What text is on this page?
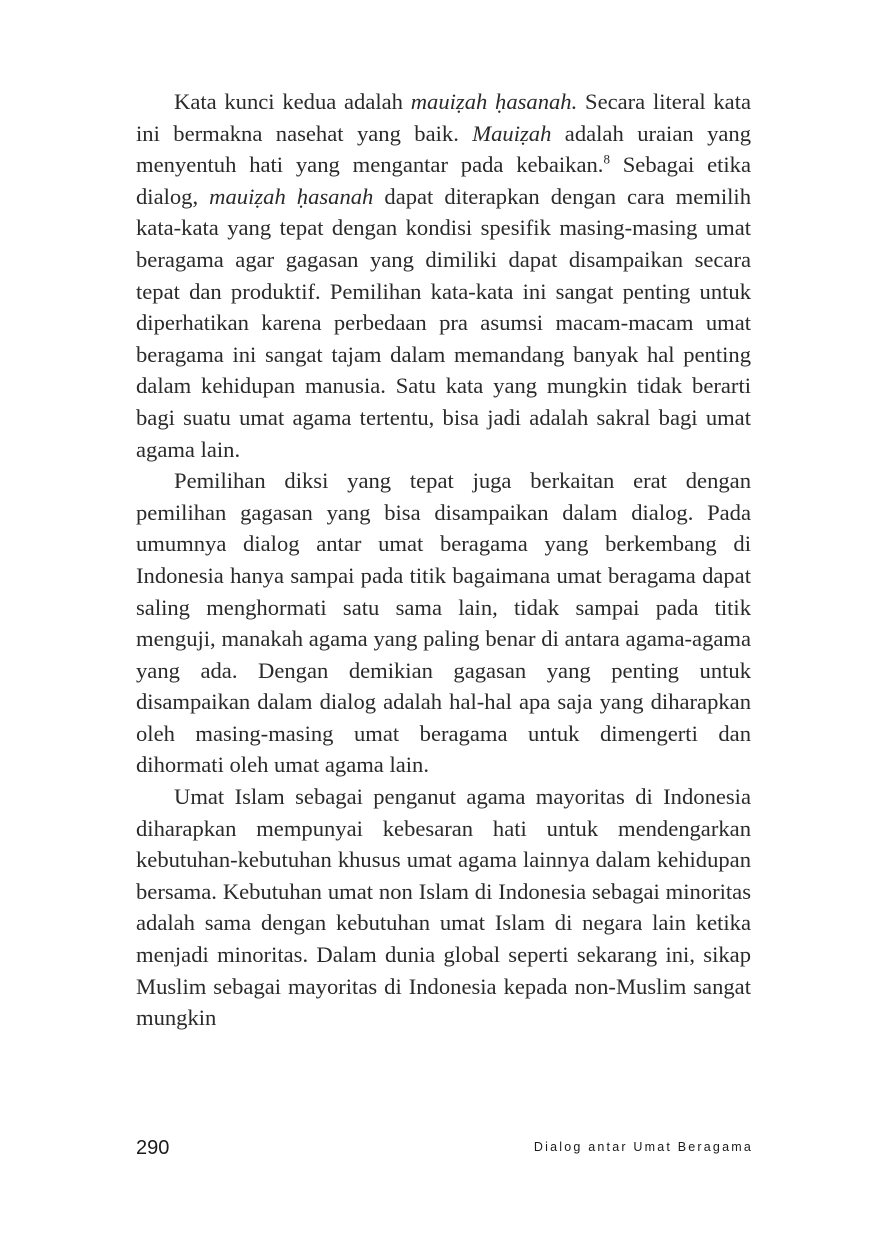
Kata kunci kedua adalah mauiẓah ḥasanah. Secara literal kata ini bermakna nasehat yang baik. Mauiẓah adalah uraian yang menyentuh hati yang mengantar pada kebaikan.$^8$ Sebagai etika dialog, mauiẓah ḥasanah dapat diterapkan dengan cara memilih kata-kata yang tepat dengan kondisi spesifik masing-masing umat beragama agar gagasan yang dimiliki dapat disampaikan secara tepat dan produktif. Pemilihan kata-kata ini sangat penting untuk diperhatikan karena perbedaan pra asumsi macam-macam umat beragama ini sangat tajam dalam memandang banyak hal penting dalam kehidupan manusia. Satu kata yang mungkin tidak berarti bagi suatu umat agama tertentu, bisa jadi adalah sakral bagi umat agama lain.

Pemilihan diksi yang tepat juga berkaitan erat dengan pemilihan gagasan yang bisa disampaikan dalam dialog. Pada umumnya dialog antar umat beragama yang berkembang di Indonesia hanya sampai pada titik bagaimana umat beragama dapat saling menghormati satu sama lain, tidak sampai pada titik menguji, manakah agama yang paling benar di antara agama-agama yang ada. Dengan demikian gagasan yang penting untuk disampaikan dalam dialog adalah hal-hal apa saja yang diharapkan oleh masing-masing umat beragama untuk dimengerti dan dihormati oleh umat agama lain.

Umat Islam sebagai penganut agama mayoritas di Indonesia diharapkan mempunyai kebesaran hati untuk mendengarkan kebutuhan-kebutuhan khusus umat agama lainnya dalam kehidupan bersama. Kebutuhan umat non Islam di Indonesia sebagai minoritas adalah sama dengan kebutuhan umat Islam di negara lain ketika menjadi minoritas. Dalam dunia global seperti sekarang ini, sikap Muslim sebagai mayoritas di Indonesia kepada non-Muslim sangat mungkin

290	Dialog antar Umat Beragama
